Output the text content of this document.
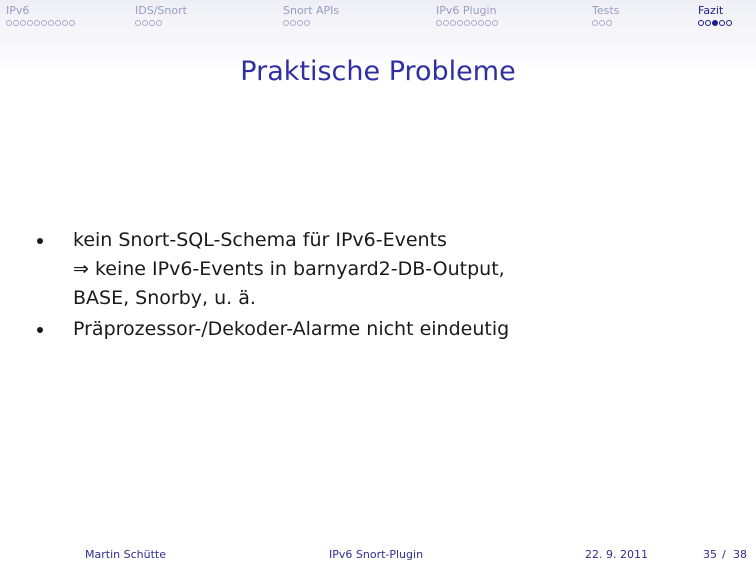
IPv6	IDS/Snort	Snort APIs	IPv6 Plugin	Tests	Fazit
Praktische Probleme
kein Snort-SQL-Schema für IPv6-Events
⇒ keine IPv6-Events in barnyard2-DB-Output,
BASE, Snorby, u. ä.
Präprozessor-/Dekoder-Alarme nicht eindeutig
Martin Schütte	IPv6 Snort-Plugin	22. 9. 2011	35 / 38
